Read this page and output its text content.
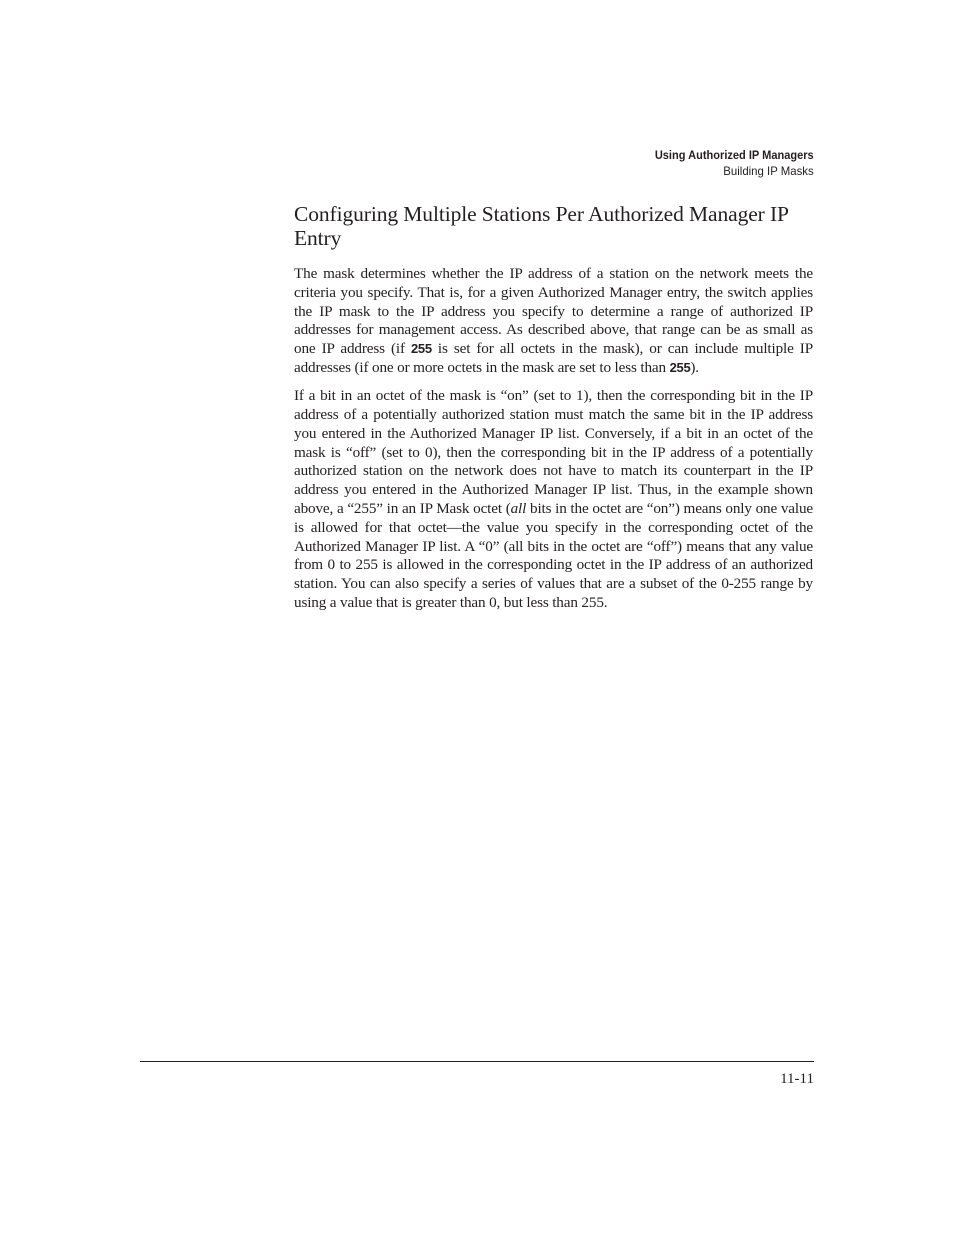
Using Authorized IP Managers
Building IP Masks
Configuring Multiple Stations Per Authorized Manager IP Entry

The mask determines whether the IP address of a station on the network meets the criteria you specify. That is, for a given Authorized Manager entry, the switch applies the IP mask to the IP address you specify to determine a range of authorized IP addresses for management access. As described above, that range can be as small as one IP address (if 255 is set for all octets in the mask), or can include multiple IP addresses (if one or more octets in the mask are set to less than 255).

If a bit in an octet of the mask is “on” (set to 1), then the corresponding bit in the IP address of a potentially authorized station must match the same bit in the IP address you entered in the Authorized Manager IP list. Conversely, if a bit in an octet of the mask is “off” (set to 0), then the corresponding bit in the IP address of a potentially authorized station on the network does not have to match its counterpart in the IP address you entered in the Authorized Manager IP list. Thus, in the example shown above, a “255” in an IP Mask octet (all bits in the octet are “on”) means only one value is allowed for that octet—the value you specify in the corresponding octet of the Authorized Manager IP list. A “0” (all bits in the octet are “off”) means that any value from 0 to 255 is allowed in the corresponding octet in the IP address of an authorized station. You can also specify a series of values that are a subset of the 0-255 range by using a value that is greater than 0, but less than 255.

11-11
